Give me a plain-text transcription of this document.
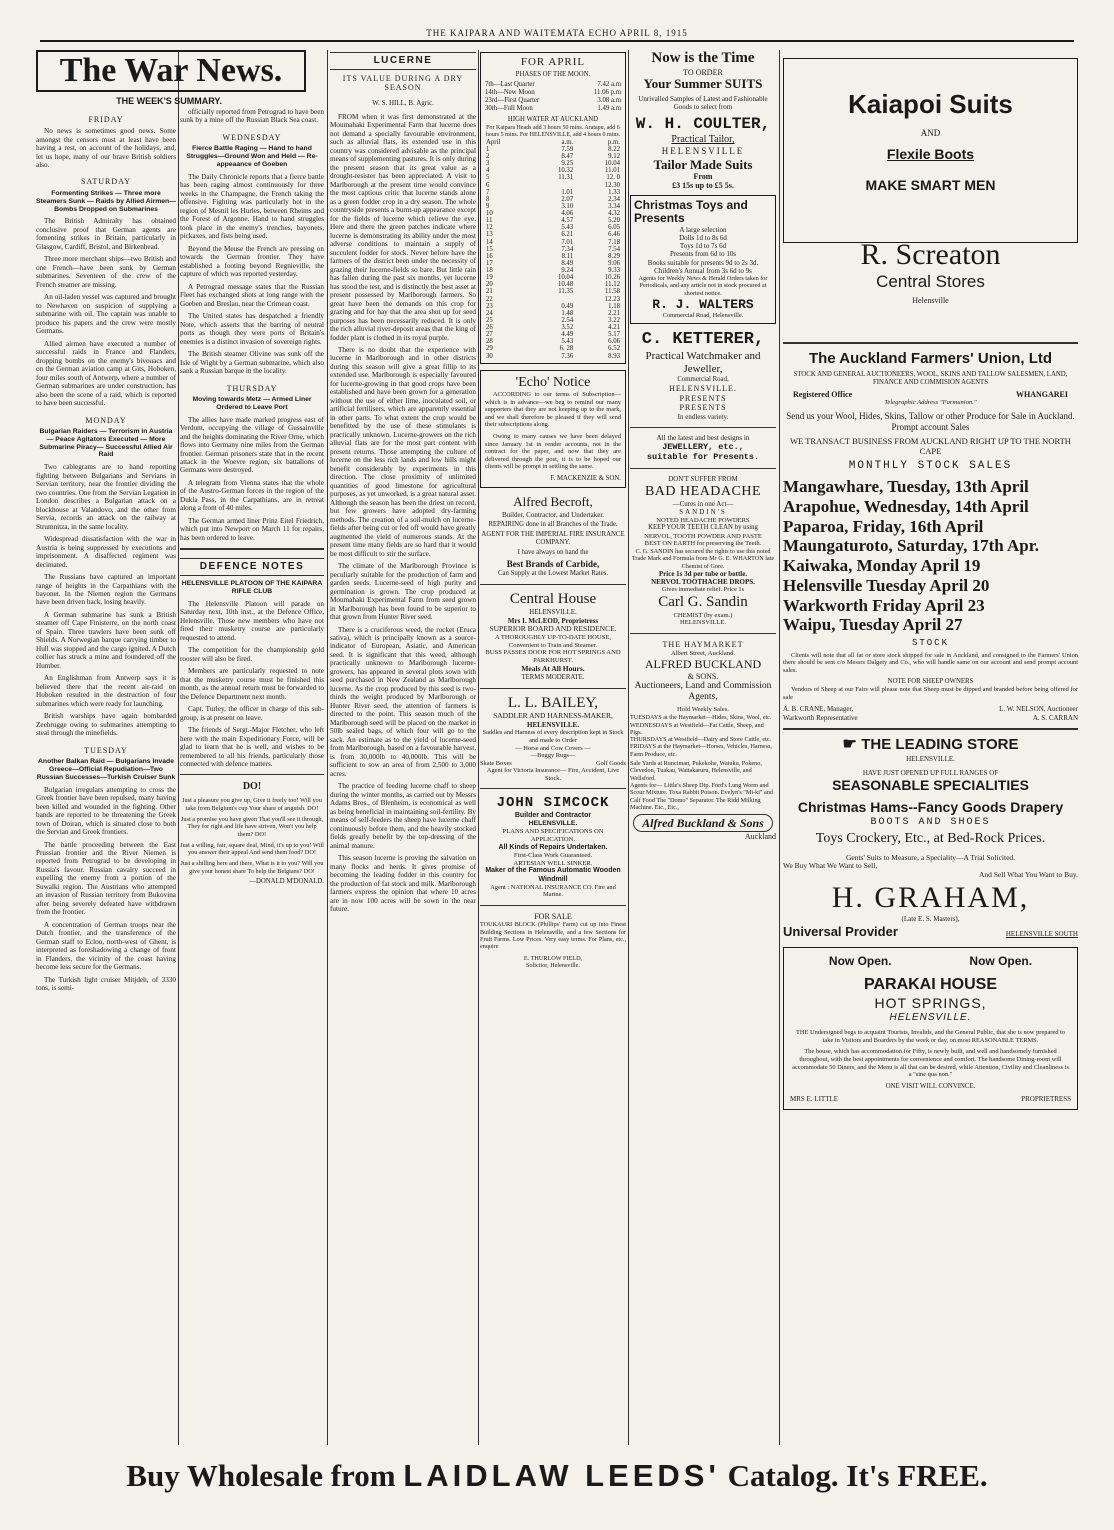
THE KAIPARA AND WAITEMATA ECHO APRIL 8, 1915
The War News.
THE WEEK'S SUMMARY.
FRIDAY

No news is sometimes good news. Some amongst the censors must at least have been having a rest, on account of the holidays, and, let us hope, many of our brave British soldiers also.

SATURDAY
Formenting Strikes — Three more Steamers Sunk — Raids by Allied Airmen—Bombs Dropped on Submarines

The British Admiralty has obtained conclusive proof that German agents are fomenting strikes in Britain, particularly in Glasgow, Cardiff, Bristol, and Birkenhead.

Three more merchant ships—two British and one French—have been sunk by German submarines. Seventeen of the crew of the French steamer are missing.

An oil-laden vessel was captured and brought to Newhaven on suspicion of supplying a submarine with oil. The captain was unable to produce his papers and the crew were mostly Germans.

Allied airmen have executed a number of successful raids in France and Flanders, dropping bombs on the enemy's bivouacs and on the German aviation camp at Gits, Hoboken, four miles south of Antwerp, where a number of German submarines are under construction, has also been the scene of a raid, which is reported to have been successful.

MONDAY
Bulgarian Raiders — Terrorism in Austria — Peace Agitators Executed — More Submarine Piracy— Successful Allied Air Raid

Two cablegrams are to hand reporting fighting between Bulgarians and Servians in Servian territory, near the frontier dividing the two countries. One from the Servian Legation in London describes a Bulgarian attack on a blockhouse at Valandovo, and the other from Servia, records an attack on the railway at Strumnitza, in the same locality.

Widespread dissatisfaction with the war in Austria is being suppressed by executions and imprisonment. A disaffected regiment was decimated.

The Russians have captured an important range of heights in the Carpathians with the bayonet. In the Niemen region the Germans have been driven back, losing heavily.

A German submarine has sunk a British steamer off Cape Finisterre, on the north coast of Spain. Three trawlers have been sunk off Shields. A Norwegian barque carrying timber to Hull was stopped and the cargo ignited. A Dutch collier has struck a mine and foundered off the Humber.

An Englishman from Antwerp says it is believed there that the recent air-raid on Hoboken resulted in the destruction of four submarines which were ready for launching.

British warships have again bombarded Zeebrugge owing to submarines attempting to steal through the minefields.

TUESDAY
Another Balkan Raid — Bulgarians Invade Greece—Official Repudiation—Two Russian Successes—Turkish Cruiser Sunk

Bulgarian irregulars attempting to cross the Greek frontier have been repulsed, many having been killed and wounded in the fighting. Other bands are reported to be threatening the Greek town of Doiran, which is situated close to both the Servian and Greek frontiers.

The battle proceeding between the East Prussian frontier and the River Niemen is reported from Petrograd to be developing in Russia's favour. Russian cavalry succeed in expelling the enemy from a portion of the Suwalki region. The Austrians who attempted an invasion of Russian territory from Bukovina after being severely defeated have withdrawn from the frontier.

A concentration of German troops near the Dutch frontier, and the transference of the German staff to Ecloo, north-west of Ghent, is interpreted as foreshadowing a change of front in Flanders, the vicinity of the coast having become less secure for the Germans.

The Turkish light cruiser Mitjdeh, of 3330 tons, is semi-

officially reported from Petrograd to have been sunk by a mine off the Russian Black Sea coast.

WEDNESDAY
Fierce Battle Raging — Hand to hand Struggles—Ground Won and Held — Re-appeaance of Goeben

The Daily Chronicle reports that a fierce battle has been raging almost continuously for three weeks in the Champagne, the French taking the offensive. Fighting was particularly hot in the region of Mesnil les Hurles, between Rheims and the Forest of Argonne. Hand to hand struggles took place in the enemy's trenches, bayonets, pickaxes, and fists being used.

Beyond the Meuse the French are pressing on towards the German frontier. They have established a footing beyond Regnieville, the capture of which was reported yesterday.

A Petrograd message states that the Russian Fleet has exchanged shots at long range with the Goeben and Breslau, near the Crimean coast.

The United states has despatched a friendly Note, which asserts that the barring of neutral ports as though they were ports of Britain's enemies is a distinct invasion of sovereign rights.

The British steamer Olivine was sunk off the Isle of Wight by a German submarine, which also sank a Russian barque in the locality.

THURSDAY
Moving towards Metz — Armed Liner Ordered to Leave Port

The allies have made marked progress east of Verdum, occupying the village of Gussainville and the heights dominating the River Orne, which flows into Germany nine miles from the German frontier. German prisoners state that in the recent attack in the Woevre region, six battalions of Germans were destroyed.

A telegram from Vienna states that the whole of the Austro-German forces in the region of the Dukla Pass, in the Carpathians, are in retreat along a front of 40 miles.

The German armed liner Prinz Eitel Friedrich, which put into Newport on March 11 for repairs, has been ordered to leave.

DEFENCE NOTES
HELENSVILLE PLATOON OF THE KAIPARA RIFLE CLUB

The Helensville Platoon will parade on Saturday next, 10th inst., at the Defence Office, Helensville. Those new members who have not fired their musketry course are particularly requested to attend.

The competition for the championship gold rooster will also be fired.

Members are particularly requested to note that the musketry course must be finished this month, as the annual return must be forwarded to the Defence Department next month.

Capt. Turley, the officer in charge of this sub-group, is at present on leave.

The friends of Sergt.-Major Fletcher, who left here with the main Expeditionary Force, will be glad to learn that he is well, and wishes to be remembered to all his friends, particularly those connected with defence matters.

DO!

Just a pleasure you give up, Give it freely too! Will you take from Belgium's cup Your share of anguish. DO!

Just a promise you have given That you'll see it through, They for right and life have striven, Won't you help them? DO!

Just a willing, fair, square deal, Mind, it's up to you! Will you answer their appeal And send them food? DO!

Just a shilling here and there, What is it to you? Will you give your honest share To help the Belgians? DO!

—DONALD M'DONALD.
LUCERNE
ITS VALUE DURING A DRY SEASON
W. S. HILL, B. Agric.

FROM when it was first demonstrated at the Moumahaki Experimental Farm that lucerne does not demand a specially favourable environment, such as alluvial flats, its extended use in this country was considered advisable as the principal means of supplementing pastures. It is only during the present season that its great value as a drought-resister has been appreciated. A visit to Marlborough at the present time would convince the most captious critic that lucerne stands alone as a green fodder crop in a dry season. The whole countryside presents a burnt-up appearance except for the fields of lucerne which relieve the eye. Here and there the green patches indicate where lucerne is demonstrating its ability under the most adverse conditions to maintain a supply of succulent fodder for stock. Never before have the farmers of the district been under the necessity of grazing their lucerne-fields so bare. But little rain has fallen during the past six months, yet lucerne has stood the test, and is distinctly the best asset at present possessed by Marlborough farmers. So great have been the demands on this crop for grazing and for hay that the area shut up for seed purposes has been necessarily reduced. It is only the rich alluvial river-deposit areas that the king of fodder plant is clothed in its royal purple.

There is no doubt that the experience with lucerne in Marlborough and in other districts during this season will give a great fillip to its extended use. Marlborough is especially favoured for lucerne-growing in that good crops have been established and have been grown for a generation without the use of either lime, inoculated soil, or artificial fertilisers, which are apparently essential in other parts. To what extent the crop would be benefitted by the use of these stimulants is practically unknown. Lucerne-growers on the rich alluvial flats are for the most part content with present returns. Those attempting the culture of lucerne on the less rich lands and low hills might benefit considerably by experiments in this direction. The close proximity of unlimited quantities of good limestone for agricultural purposes, as yet unworked, is a great natural asset. Although the season has been the driest on record, but few growers have adopted dry-farming methods. The creation of a soil-mulch on lucerne-fields after being cut or fed off would have greatly augmented the yield of numerous stands. At the present time many fields are so hard that it would be most difficult to stir the surface.

The climate of the Marlborough Province is peculiarly suitable for the production of farm and garden seeds. Lucerne-seed of high purity and germination is grown. The crop produced at Moumahaki Experimental Farm from seed grown in Marlborough has been found to be superior to that grown from Hunter River seed.

There is a cruciferous weed, the rocket (Eruca sativa), which is principally known as a source-indicator of European, Asiatic, and American seed. It is significant that this weed, although practically unknown to Marlborough lucerne-growers, has appeared in several plots sown with seed purchased in New Zealand as Marlborough lucerne. As the crop produced by this seed is two-thirds the weight produced by Marlborough or Hunter River seed, the attention of farmers is directed to the point. This season much of the Marlborough seed will be placed on the market in 50lb sealed bags, of which four will go to the sack. An estimate as to the yield of lucerne-seed from Marlborough, based on a favourable harvest, is from 30,000lb to 40,000lb. This will be sufficient to sow an area of from 2,500 to 3,000 acres.

The practice of feeding lucerne chaff to sheep during the winter months, as carried out by Messrs Adams Bros., of Blenheim, is economical as well as being beneficial in maintaining soil-fertility. By means of self-feeders the sheep have lucerne chaff continuously before them, and the heavily stocked fields greatly benefit by the top-dressing of the animal manure.

This season lucerne is proving the salvation on many flocks and herds. It gives promise of becoming the leading fodder in this country for the production of fat stock and milk. Marlborough farmers express the opinion that where 10 acres are in now 100 acres will be sown in the near future.

FOR APRIL
PHASES OF THE MOON.
7th—Last Quarter	7.42 a.m
14th—New Moon	11.06 p.m
23rd—First Quarter	3.08 a.m
30th—Full Moon	1.49 a.m
HIGH WATER AT AUCKLAND
For Kaipara Heads add 3 hours 50 mins. Aratapu, add 6 hours 5 mins. For HELENSVILLE, add 4 hours 0 mins.
April	a.m.	p.m.
1	7.59	8.22
2	8.47	9.12
3	9.25	10.04
4	10.32	11.01
5	11.31	12. 0
6		12.30
7	1.01	1.33
8	2.07	2.34
9	3.10	3.34
10	4.06	4.32
11	4.57	5.20
12	5.43	6.05
13	6.21	6.46
14	7.01	7.18
15	7.34	7.54
16	8.11	8.29
17	8.49	9.06
18	9.24	9.33
19	10.04	10.26
20	10.48	11.12
21	11.35	11.58
22		12.23
23	0.49	1.18
24	1.48	2.21
25	2.54	3.22
26	3.52	4.21
27	4.49	5.17
28	5.43	6.06
29	6. 28	6.52
30	7.36	8.93
'Echo' Notice

ACCORDING to our terms of Subscription—which is in advance—we beg to remind our many supporters that they are not keeping up to the mark, and we shall therefore be pleased if they will send their subscriptions along.

Owing to many causes we have been delayed since January 1st in render accounts, not in the contract for the paper, and now that they are delivered through the post, it is to be hoped our clients will be prompt in settling the same.

F. MACKENZIE & SON.
Alfred Becroft,
Builder, Contractor, and Undertaker.
REPAIRING done in all Branches of the Trade.
AGENT FOR THE IMPERIAL FIRE INSURANCE COMPANY.
I have always on hand the
Best Brands of Carbide,
Can Supply at the Lowest Market Rates.
Central House
HELENSVILLE.
Mrs I. McLEOD, Proprietress
SUPERIOR BOARD AND RESIDENCE.
A THOROUGHLY UP-TO-DATE HOUSE, Convenient to Train and Steamer.
BUSS PASSES DOOR FOR HOT SPRINGS AND PARKHURST.
Meals At All Hours.
TERMS MODERATE.
L. L. BAILEY,
SADDLER AND HARNESS-MAKER,
HELENSVILLE.
Saddles and Harness of every description kept in Stock and made to Order
— Horse and Cow Covers —
—Buggy Rugs—
Skate Boxes	Golf Goods
Agent for Victoria Insurance— Fire, Accident, Live Stock.
JOHN SIMCOCK
Builder and Contractor
HELENSVILLE.
PLANS AND SPECIFICATIONS ON APPLICATION.
All Kinds of Repairs Undertaken.
First-Class Work Guaranteed.
ARTESIAN WELL SINKER.
Maker of the Famous Automatic Wooden Windmill
Agent : NATIONAL INSURANCE CO. Fire and Marine.
FOR SALE

TOUKAURI BLOCK (Phillips' Farm) cut up into Finest Building Sections in Helensville, and a few Sections for Fruit Farms. Low Prices. Very easy terms. For Plans, etc., enquire

E. THURLOW FIELD,
Solicitor, Helensville.
Now is the Time
TO ORDER
Your Summer SUITS
Unrivalled Samples of Latest and Fashionable Goods to select from
W. H. COULTER,
Practical Tailor,
HELENSVILLE
Tailor Made Suits
From
£3 15s up to £5 5s.
Christmas Toys and Presents
A large selection
Dolls 1d to 8s 6d
Toys 1d to 7s 6d
Presents from 6d to 10s
Books suitable for presents 9d to 2s 3d. Children's Annual from 3s 6d to 9s
Agents for Weekly News & Herald Orders taken for Periodicals, and any article not in stock procured at shortest notice.
R. J. WALTERS
Commercial Road, Helensville.
C. KETTERER,
Practical Watchmaker and Jeweller,
Commercial Road,
HELENSVILLE.
PRESENTS
PRESENTS
In endless variety.
All the latest and best designs in
JEWELLERY, etc.,
suitable for Presents.
DON'T SUFFER FROM
BAD HEADACHE
—Cures in one Act—
SANDIN'S
NOTED HEADACHE POWDERS
KEEP YOUR TEETH CLEAN by using
NERVOL, TOOTH POWDER AND PASTE
BEST ON EARTH for preserving the Teeth.
C. G. SANDIN has secured the rights to use this noted Trade Mark and Formula from Mr G. E. WHARTON late Chemist of Gore.
Price 1s 3d per tube or bottle.
NERVOL TOOTHACHE DROPS.
Gives immediate relief. Price 1s
Carl G. Sandin
CHEMIST (by exam.)
HELENSVILLE.
THE HAYMARKET
Albert Street, Auckland.
ALFRED BUCKLAND
& SONS.
Auctioneers, Land and Commission Agents,
Hold Weekly Sales.
TUESDAYS at the Haymarket—Hides, Skins, Wool, etc.
WEDNESDAYS at Westfield—Fat Cattle, Sheep, and Pigs.
THURSDAYS at Westfield—Dairy and Store Cattle, etc.
FRIDAYS at the Haymarket—Horses, Vehicles, Harness, Farm Produce, etc.
Sale Yards at Runciman, Pukekohe, Waiuku, Pokeno, Clevedon, Tuakau, Waitakaruru, Helensville, and Wellsford.
Agents for— Little's Sheep Dip. Ford's Lung Worm and Scour Mixture. Toxa Rabbit Poison. Evelyn's "Mi-ki" and Calf Food The "Domo" Separator. The Ridd Milking Machine. Etc., Etc.,
Alfred Buckland & Sons
Auckland
Kaiapoi Suits
AND
Flexile Boots
MAKE SMART MEN
R. Screaton
Central Stores
Helensville
The Auckland Farmers' Union, Ltd
STOCK AND GENERAL AUCTIONEERS, WOOL, SKINS AND TALLOW SALESMEN, LAND, FINANCE AND COMMISION AGENTS
Registered Office	WHANGAREI
Telegraphic Address "Farmunion."
Send us your Wool, Hides, Skins, Tallow or other Produce for Sale in Auckland. Prompt account Sales
WE TRANSACT BUSINESS FROM AUCKLAND RIGHT UP TO THE NORTH CAPE
MONTHLY STOCK SALES
Mangawhare, Tuesday, 13th April
Arapohue, Wednesday, 14th April
Paparoa, Friday, 16th April
Maungaturoto, Saturday, 17th Apr.
Kaiwaka, Monday April 19
Helensville Tuesday April 20
Warkworth Friday April 23
Waipu, Tuesday April 27
STOCK

Clients will note that all fat or store stock shipped for sale in Auckland, and consigned to the Farmers' Union there should be sent c/o Messrs Dalgety and Co., who will handle same on our account and send prompt account sales.

NOTE FOR SHEEP OWNERS

Vendors of Sheep at our Fairs will please note that Sheep must be dipped and branded before being offered for sale

A. B. CRANE, Manager,	L. W. NELSON, Auctioneer
Warkworth Representative	A. S. CARRAN
☛ THE LEADING STORE
HELENSVILLE.
HAVE JUST OPENED UP FULL RANGES OF
SEASONABLE SPECIALITIES
Christmas Hams--Fancy Goods Drapery
BOOTS AND SHOES
Toys Crockery, Etc., at Bed-Rock Prices.
Gents' Suits to Measure, a Speciality—A Trial Solicited.
We Buy What We Want to Sell,
And Sell What You Want to Buy.
H. GRAHAM,
(Late E. S. Masters),
Universal Provider	HELENSVILLE SOUTH
Now Open.	Now Open.
PARAKAI HOUSE
HOT SPRINGS,
HELENSVILLE.

THE Undersigned begs to acquaint Tourists, Invalids, and the General Public, that she is now prepared to take in Visitors and Boarders by the week or day, on most REASONABLE TERMS.

The house, which has accommodation for Fifty, is newly built, and well and handsomely furnished throughout, with the best appointments for convenience and comfort. The handsome Dining-room will accommodate 50 Diners, and the Menu is all that can be desired, while Attention, Civility and Cleanliness is a "sine qua non."

ONE VISIT WILL CONVINCE.
MRS E. LITTLE	PROPRIETRESS
Buy Wholesale from LAIDLAW LEEDS' Catalog. It's FREE.
